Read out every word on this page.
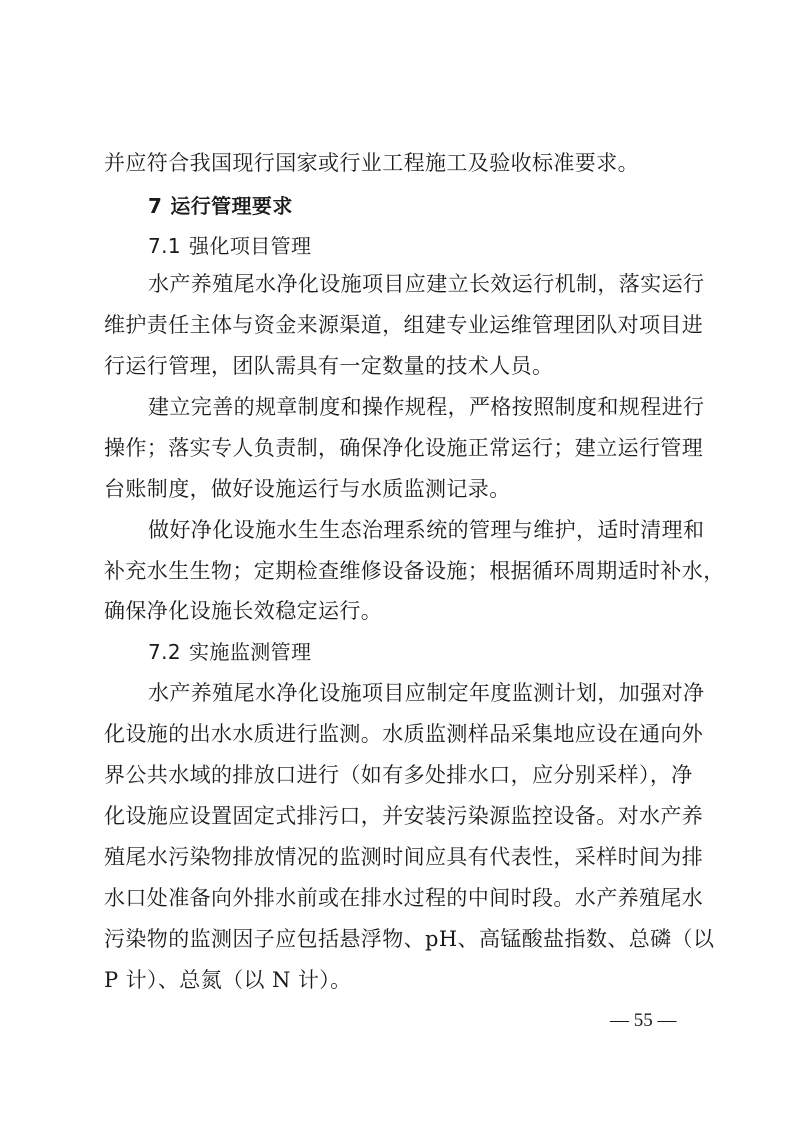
并应符合我国现行国家或行业工程施工及验收标准要求。
7 运行管理要求
7.1 强化项目管理
水产养殖尾水净化设施项目应建立长效运行机制，落实运行
维护责任主体与资金来源渠道，组建专业运维管理团队对项目进
行运行管理，团队需具有一定数量的技术人员。
建立完善的规章制度和操作规程，严格按照制度和规程进行
操作；落实专人负责制，确保净化设施正常运行；建立运行管理
台账制度，做好设施运行与水质监测记录。
做好净化设施水生生态治理系统的管理与维护，适时清理和
补充水生生物；定期检查维修设备设施；根据循环周期适时补水，
确保净化设施长效稳定运行。
7.2 实施监测管理
水产养殖尾水净化设施项目应制定年度监测计划，加强对净
化设施的出水水质进行监测。水质监测样品采集地应设在通向外
界公共水域的排放口进行（如有多处排水口，应分别采样），净
化设施应设置固定式排污口，并安装污染源监控设备。对水产养
殖尾水污染物排放情况的监测时间应具有代表性，采样时间为排
水口处准备向外排水前或在排水过程的中间时段。水产养殖尾水
污染物的监测因子应包括悬浮物、pH、高锰酸盐指数、总磷（以
P 计）、总氮（以 N 计）。
— 55 —
